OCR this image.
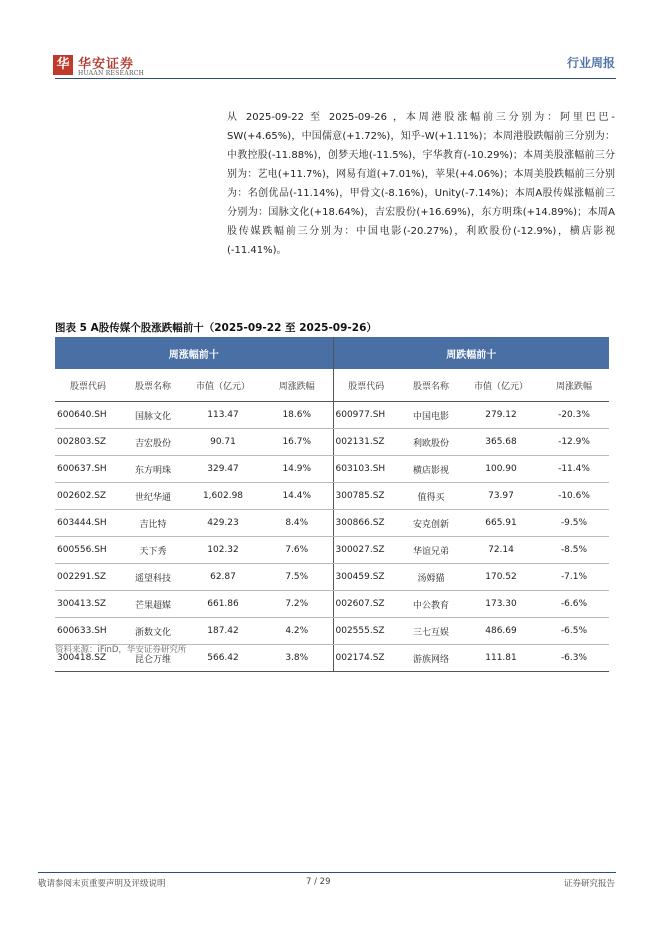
华 华安证券
HUAAN RESEARCH
行业周报
从 2025-09-22 至 2025-09-26 ，本周港股涨幅前三分别为：阿里巴巴-SW(+4.65%)，中国儒意(+1.72%)，知乎-W(+1.11%)；本周港股跌幅前三分别为：中教控股(-11.88%)，创梦天地(-11.5%)，宇华教育(-10.29%)；本周美股涨幅前三分别为：艺电(+11.7%)，网易有道(+7.01%)，苹果(+4.06%)；本周美股跌幅前三分别为：名创优品(-11.14%)，甲骨文(-8.16%)，Unity(-7.14%)；本周A股传媒涨幅前三分别为：国脉文化(+18.64%)，吉宏股份(+16.69%)，东方明珠(+14.89%)；本周A股传媒跌幅前三分别为：中国电影(-20.27%)，利欧股份(-12.9%)，横店影视(-11.41%)。
图表 5 A股传媒个股涨跌幅前十（2025-09-22 至 2025-09-26）
周涨幅前十				周跌幅前十			
股票代码	股票名称	市值（亿元）	周涨跌幅	股票代码	股票名称	市值（亿元）	周涨跌幅
600640.SH	国脉文化	113.47	18.6%	600977.SH	中国电影	279.12	-20.3%
002803.SZ	吉宏股份	90.71	16.7%	002131.SZ	利欧股份	365.68	-12.9%
600637.SH	东方明珠	329.47	14.9%	603103.SH	横店影视	100.90	-11.4%
002602.SZ	世纪华通	1,602.98	14.4%	300785.SZ	值得买	73.97	-10.6%
603444.SH	吉比特	429.23	8.4%	300866.SZ	安克创新	665.91	-9.5%
600556.SH	天下秀	102.32	7.6%	300027.SZ	华谊兄弟	72.14	-8.5%
002291.SZ	遥望科技	62.87	7.5%	300459.SZ	汤姆猫	170.52	-7.1%
300413.SZ	芒果超媒	661.86	7.2%	002607.SZ	中公教育	173.30	-6.6%
600633.SH	浙数文化	187.42	4.2%	002555.SZ	三七互娱	486.69	-6.5%
300418.SZ	昆仑万维	566.42	3.8%	002174.SZ	游族网络	111.81	-6.3%
资料来源：iFinD，华安证券研究所
敬请参阅末页重要声明及评级说明	7 / 29	证券研究报告
